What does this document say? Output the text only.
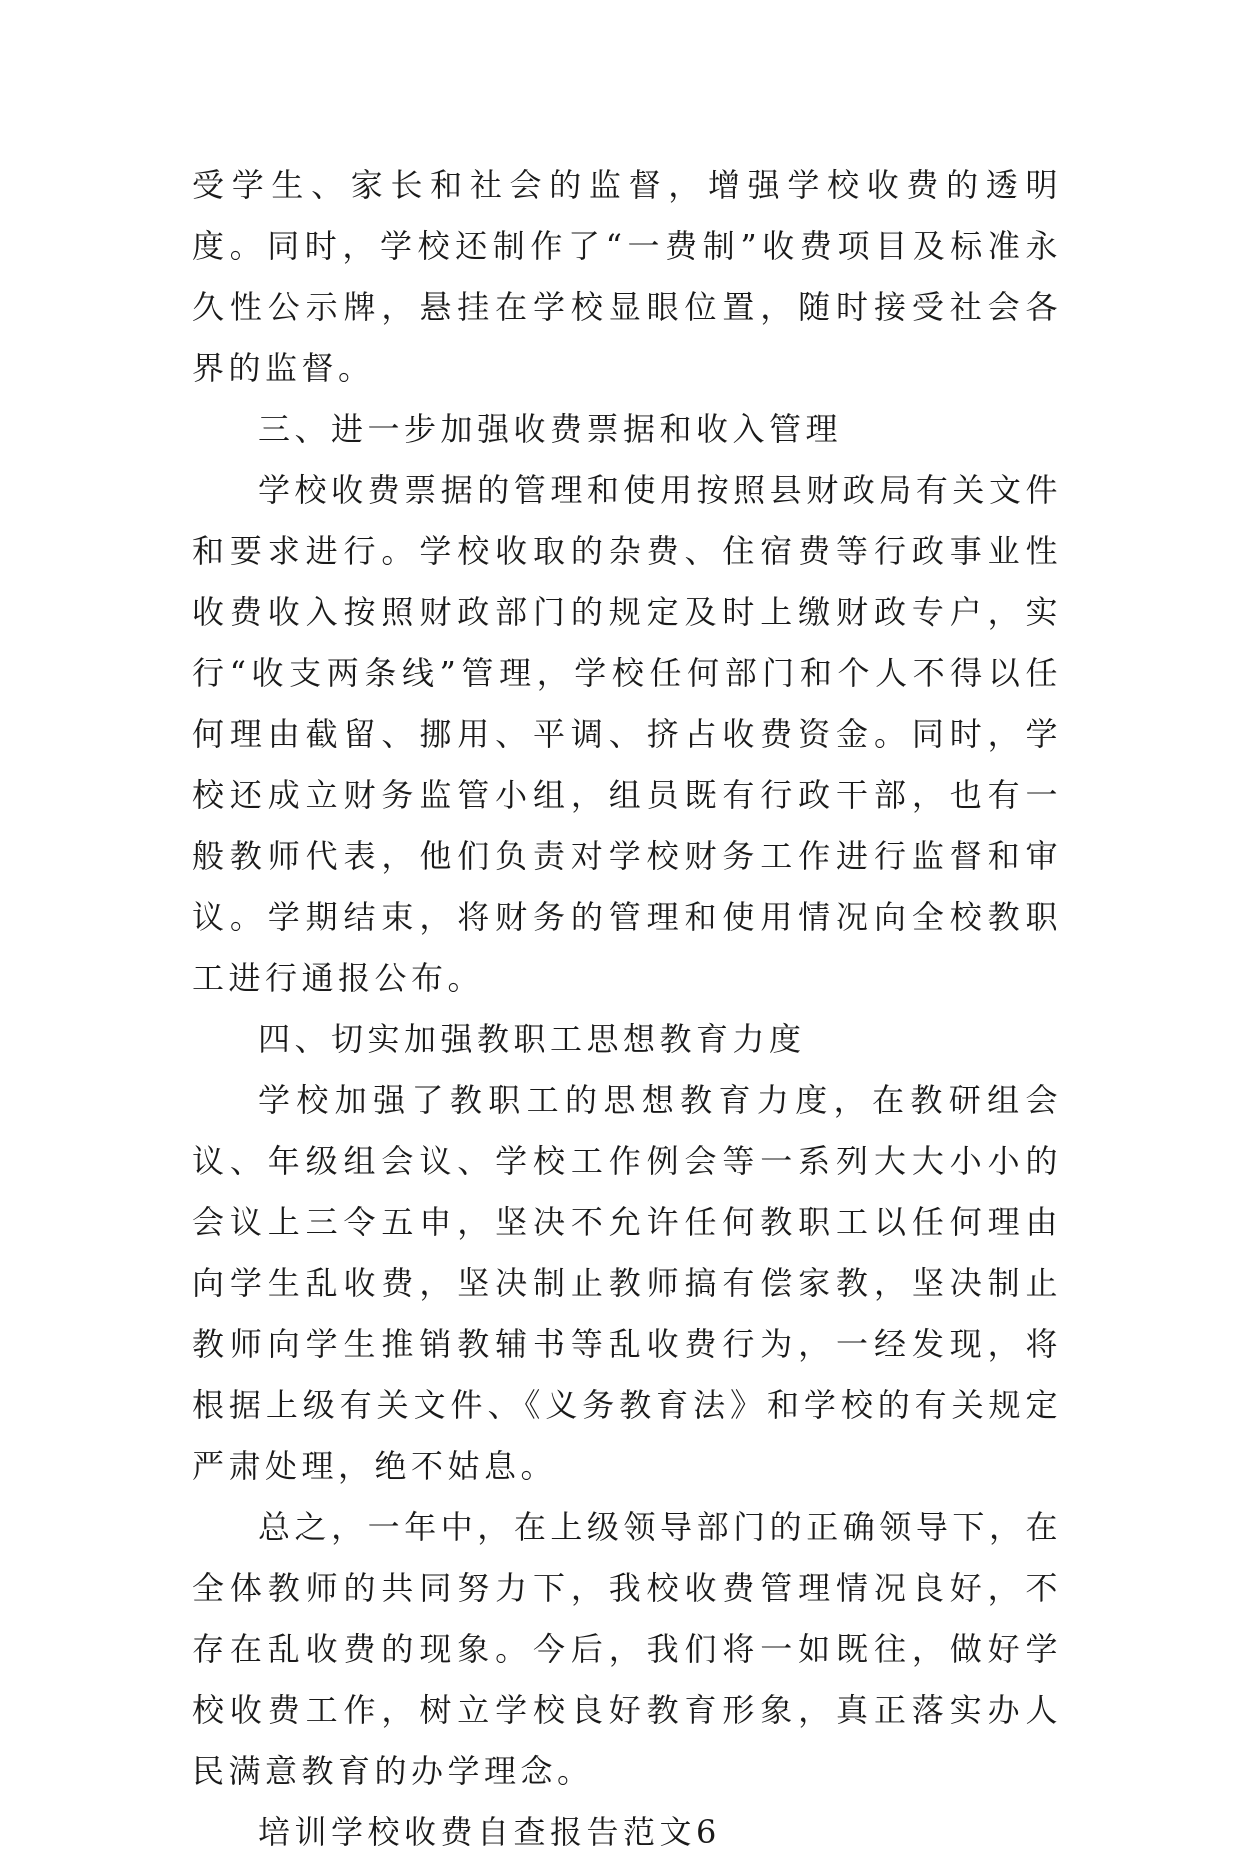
受学生、家长和社会的监督，增强学校收费的透明度。同时，学校还制作了“一费制”收费项目及标准永久性公示牌，悬挂在学校显眼位置，随时接受社会各界的监督。

三、进一步加强收费票据和收入管理

学校收费票据的管理和使用按照县财政局有关文件和要求进行。学校收取的杂费、住宿费等行政事业性收费收入按照财政部门的规定及时上缴财政专户，实行“收支两条线”管理，学校任何部门和个人不得以任何理由截留、挪用、平调、挤占收费资金。同时，学校还成立财务监管小组，组员既有行政干部，也有一般教师代表，他们负责对学校财务工作进行监督和审议。学期结束，将财务的管理和使用情况向全校教职工进行通报公布。

四、切实加强教职工思想教育力度

学校加强了教职工的思想教育力度，在教研组会议、年级组会议、学校工作例会等一系列大大小小的会议上三令五申，坚决不允许任何教职工以任何理由向学生乱收费，坚决制止教师搞有偿家教，坚决制止教师向学生推销教辅书等乱收费行为，一经发现，将根据上级有关文件、《义务教育法》和学校的有关规定严肃处理，绝不姑息。

总之，一年中，在上级领导部门的正确领导下，在全体教师的共同努力下，我校收费管理情况良好，不存在乱收费的现象。今后，我们将一如既往，做好学校收费工作，树立学校良好教育形象，真正落实办人民满意教育的办学理念。

培训学校收费自查报告范文6
